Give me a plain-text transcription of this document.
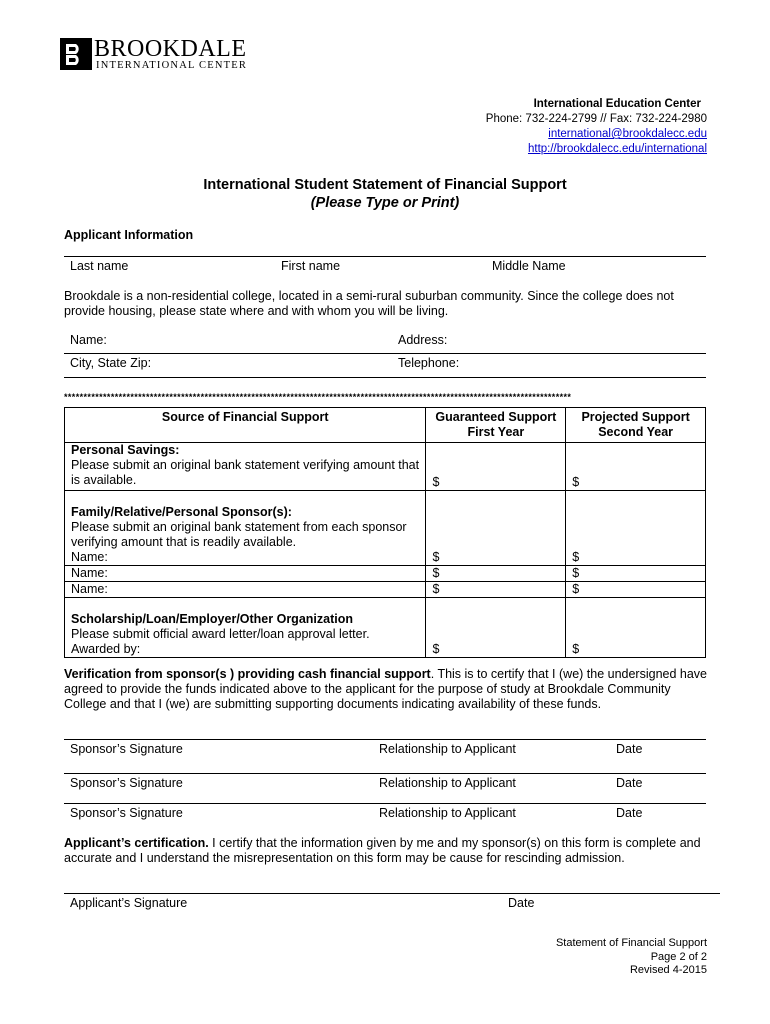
BROOKDALE
INTERNATIONAL CENTER
International Education Center
Phone: 732-224-2799 // Fax: 732-224-2980
international@brookdalecc.edu
http://brookdalecc.edu/international
International Student Statement of Financial Support
(Please Type or Print)
Applicant Information
Last name	First name	Middle Name
Brookdale is a non-residential college, located in a semi-rural suburban community. Since the college does not provide housing, please state where and with whom you will be living.
Name:	Address:
City, State Zip:	Telephone:
**********************************************************************************************************************************
Source of Financial Support	Guaranteed Support First Year	Projected Support Second Year

Personal Savings:
Please submit an original bank statement verifying amount that is available.	$	$

Family/Relative/Personal Sponsor(s):
Please submit an original bank statement from each sponsor verifying amount that is readily available.
Name:	$	$

Name:	$	$

Name:	$	$

Scholarship/Loan/Employer/Other Organization
Please submit official award letter/loan approval letter.
Awarded by:	$	$
Verification from sponsor(s ) providing cash financial support. This is to certify that I (we) the undersigned have agreed to provide the funds indicated above to the applicant for the purpose of study at Brookdale Community College and that I (we) are submitting supporting documents indicating availability of these funds.
Sponsor’s Signature	Relationship to Applicant	Date
Sponsor’s Signature	Relationship to Applicant	Date
Sponsor’s Signature	Relationship to Applicant	Date
Applicant’s certification. I certify that the information given by me and my sponsor(s) on this form is complete and accurate and I understand the misrepresentation on this form may be cause for rescinding admission.
Applicant’s Signature	Date
Statement of Financial Support
Page 2 of 2
Revised 4-2015
